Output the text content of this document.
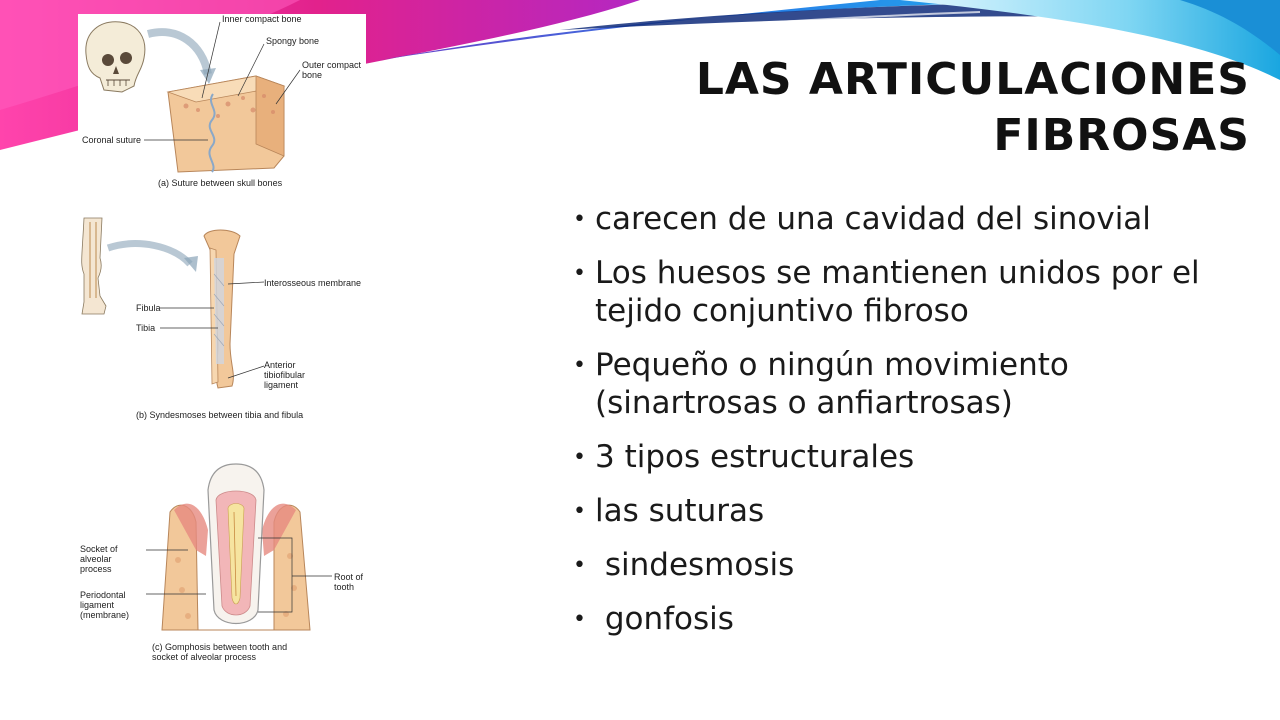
LAS ARTICULACIONES
FIBROSAS
• carecen de una cavidad del sinovial
• Los huesos se mantienen unidos por el tejido conjuntivo fibroso
• Pequeño o ningún movimiento (sinartrosas o anfiartrosas)
• 3 tipos estructurales
• las suturas
• sindesmosis
• gonfosis
Inner compact bone
Spongy bone
Outer compact bone
Coronal suture
(a) Suture between skull bones
Interosseous membrane
Fibula
Tibia
Anterior tibiofibular ligament
(b) Syndesmoses between tibia and fibula
Socket of alveolar process
Root of tooth
Periodontal ligament (membrane)
(c) Gomphosis between tooth and socket of alveolar process
